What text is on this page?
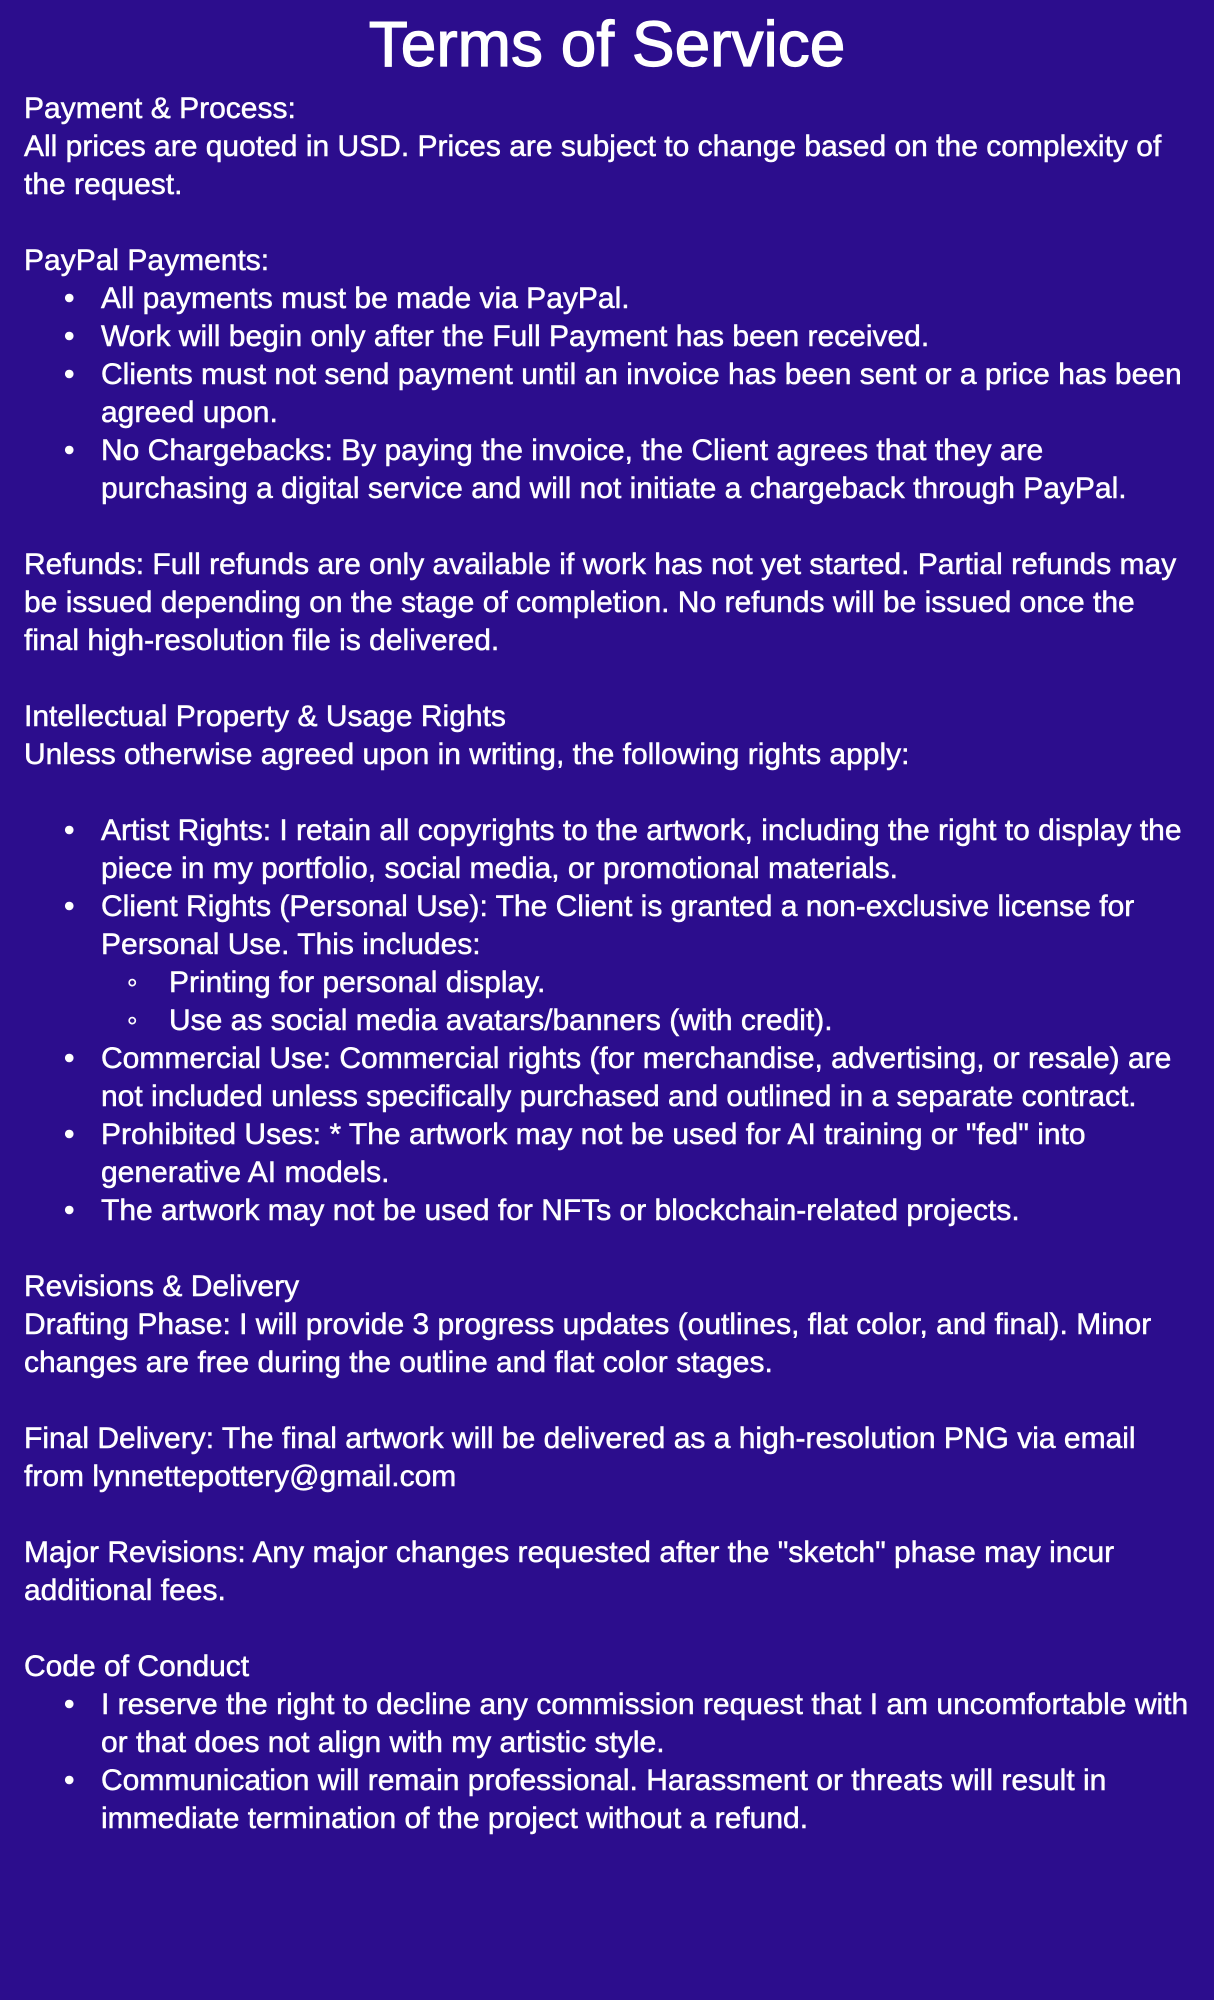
Terms of Service
Payment & Process:
All prices are quoted in USD. Prices are subject to change based on the complexity of the request.
PayPal Payments:
• All payments must be made via PayPal.
• Work will begin only after the Full Payment has been received.
• Clients must not send payment until an invoice has been sent or a price has been agreed upon.
• No Chargebacks: By paying the invoice, the Client agrees that they are purchasing a digital service and will not initiate a chargeback through PayPal.
Refunds: Full refunds are only available if work has not yet started. Partial refunds may be issued depending on the stage of completion. No refunds will be issued once the final high-resolution file is delivered.
Intellectual Property & Usage Rights
Unless otherwise agreed upon in writing, the following rights apply:
• Artist Rights: I retain all copyrights to the artwork, including the right to display the piece in my portfolio, social media, or promotional materials.
• Client Rights (Personal Use): The Client is granted a non-exclusive license for Personal Use. This includes:
◦ Printing for personal display.
◦ Use as social media avatars/banners (with credit).
• Commercial Use: Commercial rights (for merchandise, advertising, or resale) are not included unless specifically purchased and outlined in a separate contract.
• Prohibited Uses: * The artwork may not be used for AI training or "fed" into generative AI models.
• The artwork may not be used for NFTs or blockchain-related projects.
Revisions & Delivery
Drafting Phase: I will provide 3 progress updates (outlines, flat color, and final). Minor changes are free during the outline and flat color stages.
Final Delivery: The final artwork will be delivered as a high-resolution PNG via email from lynnettepottery@gmail.com
Major Revisions: Any major changes requested after the "sketch" phase may incur additional fees.
Code of Conduct
• I reserve the right to decline any commission request that I am uncomfortable with or that does not align with my artistic style.
• Communication will remain professional. Harassment or threats will result in immediate termination of the project without a refund.
